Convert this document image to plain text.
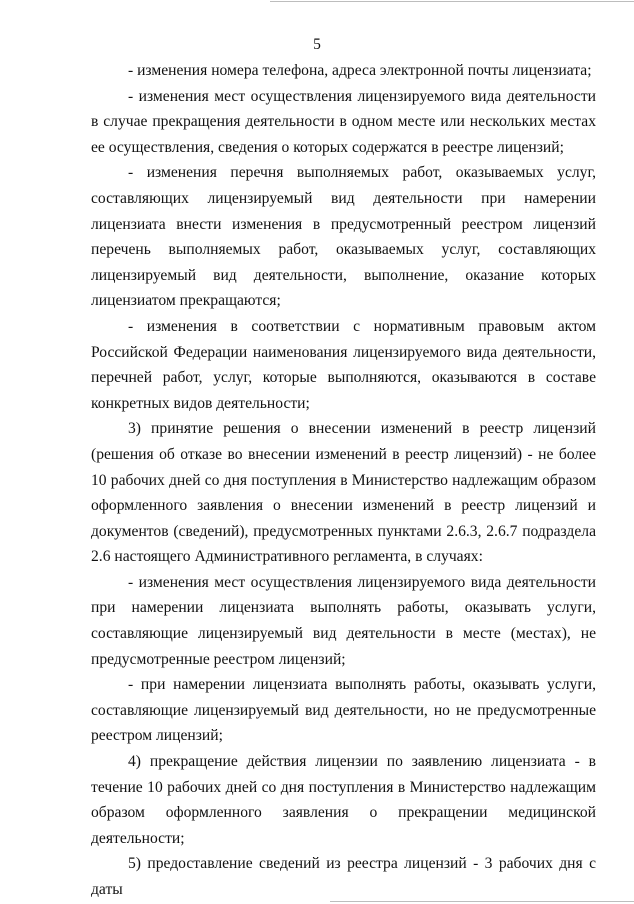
5

- изменения номера телефона, адреса электронной почты лицензиата;

- изменения мест осуществления лицензируемого вида деятельности в случае прекращения деятельности в одном месте или нескольких местах ее осуществления, сведения о которых содержатся в реестре лицензий;

- изменения перечня выполняемых работ, оказываемых услуг, составляющих лицензируемый вид деятельности при намерении лицензиата внести изменения в предусмотренный реестром лицензий перечень выполняемых работ, оказываемых услуг, составляющих лицензируемый вид деятельности, выполнение, оказание которых лицензиатом прекращаются;

- изменения в соответствии с нормативным правовым актом Российской Федерации наименования лицензируемого вида деятельности, перечней работ, услуг, которые выполняются, оказываются в составе конкретных видов деятельности;

3) принятие решения о внесении изменений в реестр лицензий (решения об отказе во внесении изменений в реестр лицензий) - не более 10 рабочих дней со дня поступления в Министерство надлежащим образом оформленного заявления о внесении изменений в реестр лицензий и документов (сведений), предусмотренных пунктами 2.6.3, 2.6.7 подраздела 2.6 настоящего Административного регламента, в случаях:

- изменения мест осуществления лицензируемого вида деятельности при намерении лицензиата выполнять работы, оказывать услуги, составляющие лицензируемый вид деятельности в месте (местах), не предусмотренные реестром лицензий;

- при намерении лицензиата выполнять работы, оказывать услуги, составляющие лицензируемый вид деятельности, но не предусмотренные реестром лицензий;

4) прекращение действия лицензии по заявлению лицензиата - в течение 10 рабочих дней со дня поступления в Министерство надлежащим образом оформленного заявления о прекращении медицинской деятельности;

5) предоставление сведений из реестра лицензий - 3 рабочих дня с даты
